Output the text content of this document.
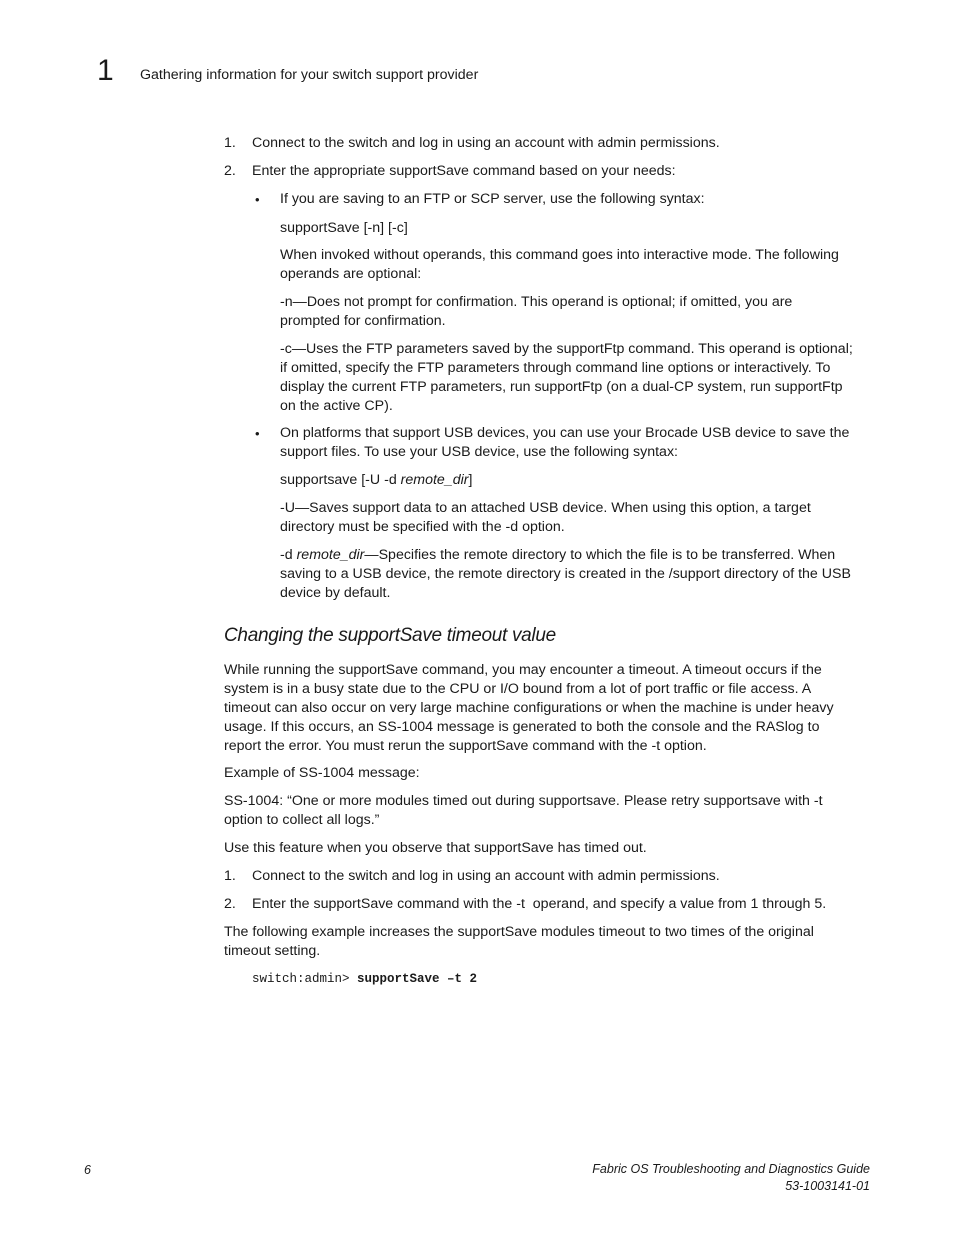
1 Gathering information for your switch support provider
1. Connect to the switch and log in using an account with admin permissions.
2. Enter the appropriate supportSave command based on your needs:
• If you are saving to an FTP or SCP server, use the following syntax:
supportSave [-n] [-c]
When invoked without operands, this command goes into interactive mode. The following
operands are optional:
-n—Does not prompt for confirmation. This operand is optional; if omitted, you are
prompted for confirmation.
-c—Uses the FTP parameters saved by the supportFtp command. This operand is optional;
if omitted, specify the FTP parameters through command line options or interactively. To
display the current FTP parameters, run supportFtp (on a dual-CP system, run supportFtp
on the active CP).
• On platforms that support USB devices, you can use your Brocade USB device to save the
support files. To use your USB device, use the following syntax:
supportsave [-U -d remote_dir]
-U—Saves support data to an attached USB device. When using this option, a target
directory must be specified with the -d option.
-d remote_dir—Specifies the remote directory to which the file is to be transferred. When
saving to a USB device, the remote directory is created in the /support directory of the USB
device by default.
Changing the supportSave timeout value
While running the supportSave command, you may encounter a timeout. A timeout occurs if the
system is in a busy state due to the CPU or I/O bound from a lot of port traffic or file access. A
timeout can also occur on very large machine configurations or when the machine is under heavy
usage. If this occurs, an SS-1004 message is generated to both the console and the RASlog to
report the error. You must rerun the supportSave command with the -t option.
Example of SS-1004 message:
SS-1004: “One or more modules timed out during supportsave. Please retry supportsave with -t
option to collect all logs.”
Use this feature when you observe that supportSave has timed out.
1. Connect to the switch and log in using an account with admin permissions.
2. Enter the supportSave command with the -t  operand, and specify a value from 1 through 5.
The following example increases the supportSave modules timeout to two times of the original
timeout setting.
switch:admin> supportSave –t 2
6	Fabric OS Troubleshooting and Diagnostics Guide
53-1003141-01
